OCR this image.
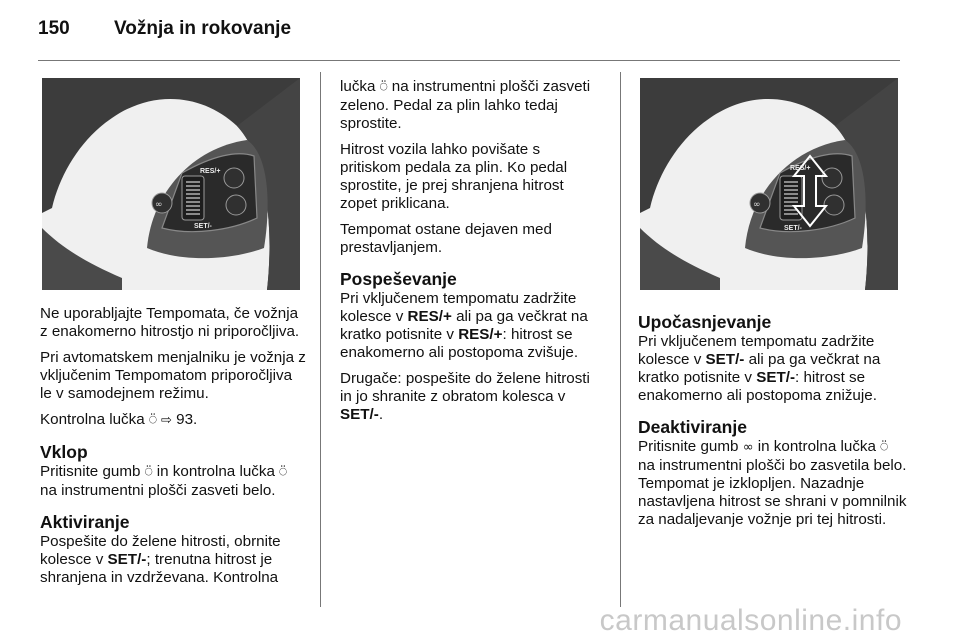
150 Vožnja in rokovanje
∞
RES/+
SET/-
∞
RES/+
SET/-

Ne uporabljajte Tempomata, če vožnja z enakomerno hitrostjo ni priporočljiva.

Pri avtomatskem menjalniku je vožnja z vključenim Tempomatom priporočljiva le v samodejnem režimu.

Kontrolna lučka ⍥ ⇨ 93.

Vklop

Pritisnite gumb ⍥ in kontrolna lučka ⍥ na instrumentni plošči zasveti belo.

Aktiviranje

Pospešite do želene hitrosti, obrnite kolesce v SET/-; trenutna hitrost je shranjena in vzdrževana. Kontrolna

lučka ⍥ na instrumentni plošči zasveti zeleno. Pedal za plin lahko tedaj sprostite.

Hitrost vozila lahko povišate s pritiskom pedala za plin. Ko pedal sprostite, je prej shranjena hitrost zopet priklicana.

Tempomat ostane dejaven med prestavljanjem.

Pospeševanje

Pri vključenem tempomatu zadržite kolesce v RES/+ ali pa ga večkrat na kratko potisnite v RES/+: hitrost se enakomerno ali postopoma zvišuje.

Drugače: pospešite do želene hitrosti in jo shranite z obratom kolesca v SET/-.

Upočasnjevanje

Pri vključenem tempomatu zadržite kolesce v SET/- ali pa ga večkrat na kratko potisnite v SET/-: hitrost se enakomerno ali postopoma znižuje.

Deaktiviranje

Pritisnite gumb ∞ in kontrolna lučka ⍥ na instrumentni plošči bo zasvetila belo. Tempomat je izklopljen. Nazadnje nastavljena hitrost se shrani v pomnilnik za nadaljevanje vožnje pri tej hitrosti.

carmanualsonline.info
